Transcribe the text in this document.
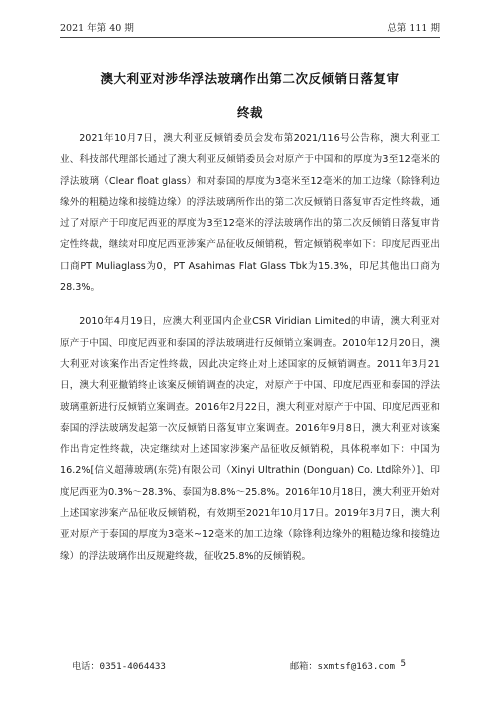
2021 年第 40 期	总第 111 期
澳大利亚对涉华浮法玻璃作出第二次反倾销日落复审
终裁

2021年10月7日，澳大利亚反倾销委员会发布第2021/116号公告称，澳大利亚工业、科技部代理部长通过了澳大利亚反倾销委员会对原产于中国和的厚度为3至12毫米的浮法玻璃（Clear float glass）和对泰国的厚度为3毫米至12毫米的加工边缘（除锋利边缘外的粗糙边缘和接缝边缘）的浮法玻璃所作出的第二次反倾销日落复审否定性终裁，通过了对原产于印度尼西亚的厚度为3至12毫米的浮法玻璃作出的第二次反倾销日落复审肯定性终裁，继续对印度尼西亚涉案产品征收反倾销税，暂定倾销税率如下：印度尼西亚出口商PT Muliaglass为0，PT Asahimas Flat Glass Tbk为15.3%，印尼其他出口商为28.3%。

2010年4月19日，应澳大利亚国内企业CSR Viridian Limited的申请，澳大利亚对原产于中国、印度尼西亚和泰国的浮法玻璃进行反倾销立案调查。2010年12月20日，澳大利亚对该案作出否定性终裁，因此决定终止对上述国家的反倾销调查。2011年3月21日，澳大利亚撤销终止该案反倾销调查的决定，对原产于中国、印度尼西亚和泰国的浮法玻璃重新进行反倾销立案调查。2016年2月22日，澳大利亚对原产于中国、印度尼西亚和泰国的浮法玻璃发起第一次反倾销日落复审立案调查。2016年9月8日，澳大利亚对该案作出肯定性终裁，决定继续对上述国家涉案产品征收反倾销税，具体税率如下：中国为16.2%[信义超薄玻璃(东莞)有限公司（Xinyi Ultrathin (Donguan) Co. Ltd除外）]、印度尼西亚为0.3%～28.3%、泰国为8.8%～25.8%。2016年10月18日，澳大利亚开始对上述国家涉案产品征收反倾销税，有效期至2021年10月17日。2019年3月7日，澳大利亚对原产于泰国的厚度为3毫米~12毫米的加工边缘（除锋利边缘外的粗糙边缘和接缝边缘）的浮法玻璃作出反规避终裁，征收25.8%的反倾销税。

电话：0351-4064433	邮箱：sxmtsf@163.com 5
